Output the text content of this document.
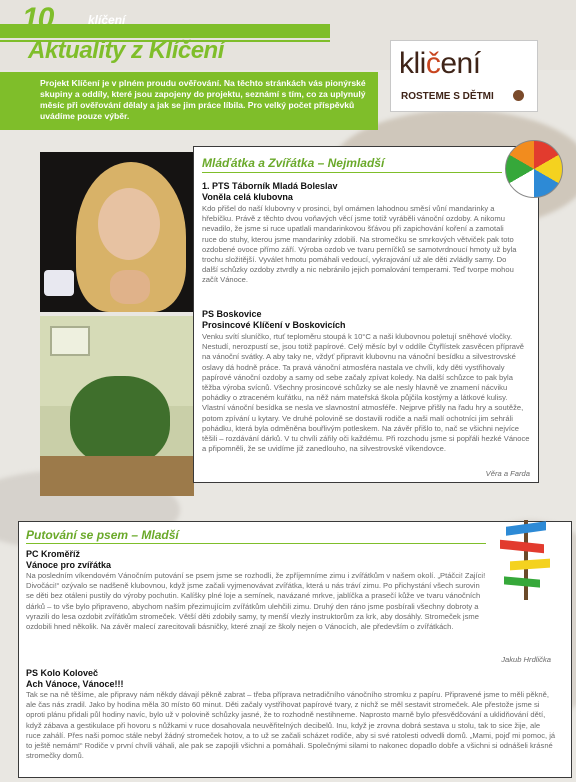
10	klíčení
Aktuality z Klíčení	kličení
ROSTEME S DĚTMI

Projekt Klíčení je v plném proudu ověřování. Na těchto stránkách vás pionýrské skupiny a oddíly, které jsou zapojeny do projektu, seznámí s tím, co za uplynulý měsíc při ověřování dělaly a jak se jim práce líbila. Pro velký počet příspěvků uvádíme pouze výběr.

Mláďátka a Zvířátka – Nejmladší
1. PTS Táborník Mladá Boleslav
Voněla celá klubovna
Kdo přišel do naší klubovny v prosinci, byl omámen lahodnou směsí vůní mandarinky a hřebíčku. Právě z těchto dvou voňavých věcí jsme totiž vyráběli vánoční ozdoby. A nikomu nevadilo, že jsme si ruce upatlali mandarinkovou šťávou při zapichování koření a zamotali ruce do stuhy, kterou jsme mandarinky zdobili. Na stromečku se smrkových větviček pak toto ozdobené ovoce přímo září. Výroba ozdob ve tvaru perníčků se samotvrdnoucí hmoty už byla trochu složitější. Vyválet hmotu pomáhali vedoucí, vykrajování už ale děti zvládly samy. Do další schůzky ozdoby ztvrdly a nic nebránilo jejich pomalování temperami. Teď tvorpe mohou začít Vánoce.
PS Boskovice
Prosincové Klíčení v Boskovicích
Venku svítí sluníčko, rtuť teploměru stoupá k 10°C a naši klubovnou poletují sněhové vločky. Nestudí, nerozpustí se, jsou totiž papírové. Celý měsíc byl v oddíle Čtyřlístek zasvěcen přípravě na vánoční svátky. A aby taky ne, vždyť připravit klubovnu na vánoční besídku a silvestrovské oslavy dá hodně práce. Ta pravá vánoční atmosféra nastala ve chvíli, kdy děti vystřihovaly papírové vánoční ozdoby a samy od sebe začaly zpívat koledy. Na další schůzce to pak byla těžba výroba svícnů. Všechny prosincové schůzky se ale nesly hlavně ve znamení nácviku pohádky o ztraceném kuřátku, na něž nám mateřská škola půjčila kostýmy a látkové kulisy. Vlastní vánoční besídka se nesla ve slavnostní atmosféře. Nejprve přišly na řadu hry a soutěže, potom zpívání u kytary. Ve druhé polovině se dostavili rodiče a naši malí ochotníci jim sehráli pohádku, která byla odměněna bouřlivým potleskem. Na závěr přišlo to, nač se všichni nejvíce těšili – rozdávání dárků. V tu chvíli zářily oči každému. Při rozchodu jsme si popřáli hezké Vánoce a připomněli, že se uvidíme již zanedlouho, na silvestrovské víkendovce.
Věra a Farda
Putování se psem – Mladší
PC Kroměříž
Vánoce pro zvířátka
Na posledním víkendovém Vánočním putování se psem jsme se rozhodli, že zpříjemníme zimu i zvířátkům v našem okolí. „Ptáčci! Zajíci! Divočáci!“ ozývalo se nadšeně klubovnou, když jsme začali vyjmenovávat zvířátka, která u nás tráví zimu. Po přichystání všech surovin se děti bez otáleni pustily do výroby pochutin. Kalíšky plné loje a semínek, navázané mrkve, jablíčka a prasečí kůže ve tvaru vánočních dárků – to vše bylo připraveno, abychom naším přezimujícím zvířátkům ulehčili zimu. Druhý den ráno jsme posbírali všechny dobroty a vyrazili do lesa ozdobit zvířátkům stromeček. Větší děti zdobily samy, ty menší vlezly instruktorům za krk, aby dosáhly. Stromeček jsme ozdobili hned několik. Na závěr malecí zarecitovali básničky, které znají ze školy nejen o Vánocích, ale především o zvířátkách.
Jakub Hrdlička
PS Kolo Koloveč
Ach Vánoce, Vánoce!!!
Tak se na ně těšíme, ale připravy nám někdy dávají pěkně zabrat – třeba příprava netradičního vánočního stromku z papíru. Připravené jsme to měli pěkně, ale čas nás zradil. Jako by hodina měla 30 místo 60 minut. Děti začaly vystřihovat papírové tvary, z nichž se měl sestavit stromeček. Ale přestože jsme si oproti plánu přidali půl hodiny navíc, bylo už v polovině schůzky jasné, že to rozhodně nestihneme. Naprosto marně bylo přesvědčování a uklidňování dětí, když zábava a gestikulace při hovoru s nůžkami v ruce dosahovala neuvěřitelných decibelů. Inu, když je zrovna dobrá sestava u stolu, tak to sice žije, ale ruce zahálí. Přes naši pomoc stále nebyl žádný stromeček hotov, a to už se začali scházet rodiče, aby si své ratolesti odvedli domů. „Mami, pojď mi pomoc, já to ještě nemám!“ Rodiče v první chvíli váhali, ale pak se zapojili všichni a pomáhali. Společnými silami to nakonec dopadlo dobře a všichni si odnášeli krásné stromečky domů.
